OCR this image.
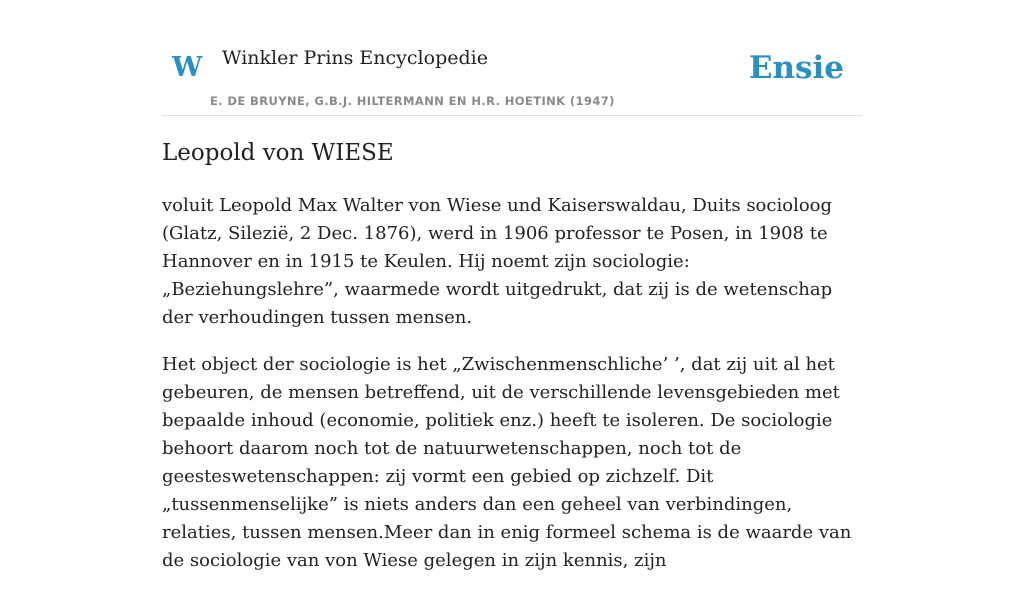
W Winkler Prins Encyclopedie
E. DE BRUYNE, G.B.J. HILTERMANN EN H.R. HOETINK (1947)
Ensie
Leopold von WIESE

voluit Leopold Max Walter von Wiese und Kaiserswaldau, Duits socioloog (Glatz, Silezië, 2 Dec. 1876), werd in 1906 professor te Posen, in 1908 te Hannover en in 1915 te Keulen. Hij noemt zijn sociologie: „Beziehungslehre”, waarmede wordt uitgedrukt, dat zij is de wetenschap der verhoudingen tussen mensen.

Het object der sociologie is het „Zwischenmenschliche’ ’, dat zij uit al het gebeuren, de mensen betreffend, uit de verschillende levensgebieden met bepaalde inhoud (economie, politiek enz.) heeft te isoleren. De sociologie behoort daarom noch tot de natuurwetenschappen, noch tot de geesteswetenschappen: zij vormt een gebied op zichzelf. Dit „tussenmenselijke” is niets anders dan een geheel van verbindingen, relaties, tussen mensen.Meer dan in enig formeel schema is de waarde van de sociologie van von Wiese gelegen in zijn kennis, zijn
